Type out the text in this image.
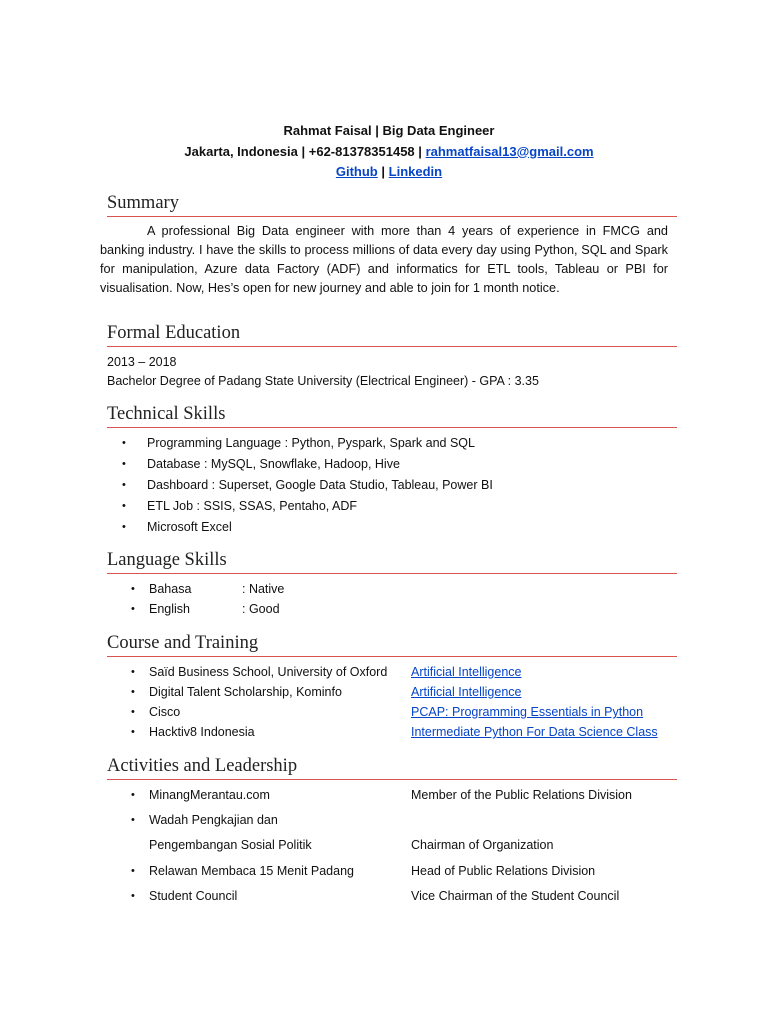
Rahmat Faisal | Big Data Engineer
Jakarta, Indonesia | +62-81378351458 | rahmatfaisal13@gmail.com
Github | Linkedin
Summary
A professional Big Data engineer with more than 4 years of experience in FMCG and banking industry. I have the skills to process millions of data every day using Python, SQL and Spark for manipulation, Azure data Factory (ADF) and informatics for ETL tools, Tableau or PBI for visualisation. Now, Hes’s open for new journey and able to join for 1 month notice.
Formal Education
2013 – 2018
Bachelor Degree of Padang State University (Electrical Engineer) - GPA : 3.35
Technical Skills
• Programming Language : Python, Pyspark, Spark and SQL
• Database : MySQL, Snowflake, Hadoop, Hive
• Dashboard : Superset, Google Data Studio, Tableau, Power BI
• ETL Job : SSIS, SSAS, Pentaho, ADF
• Microsoft Excel
Language Skills
• Bahasa	: Native
• English	: Good
Course and Training
• Saïd Business School, University of Oxford Artificial Intelligence
• Digital Talent Scholarship, Kominfo	Artificial Intelligence
• Cisco	PCAP: Programming Essentials in Python
• Hacktiv8 Indonesia	Intermediate Python For Data Science Class
Activities and Leadership
• MinangMerantau.com	Member of the Public Relations Division
• Wadah Pengkajian dan
Pengembangan Sosial Politik	Chairman of Organization
• Relawan Membaca 15 Menit Padang	Head of Public Relations Division
• Student Council	Vice Chairman of the Student Council
